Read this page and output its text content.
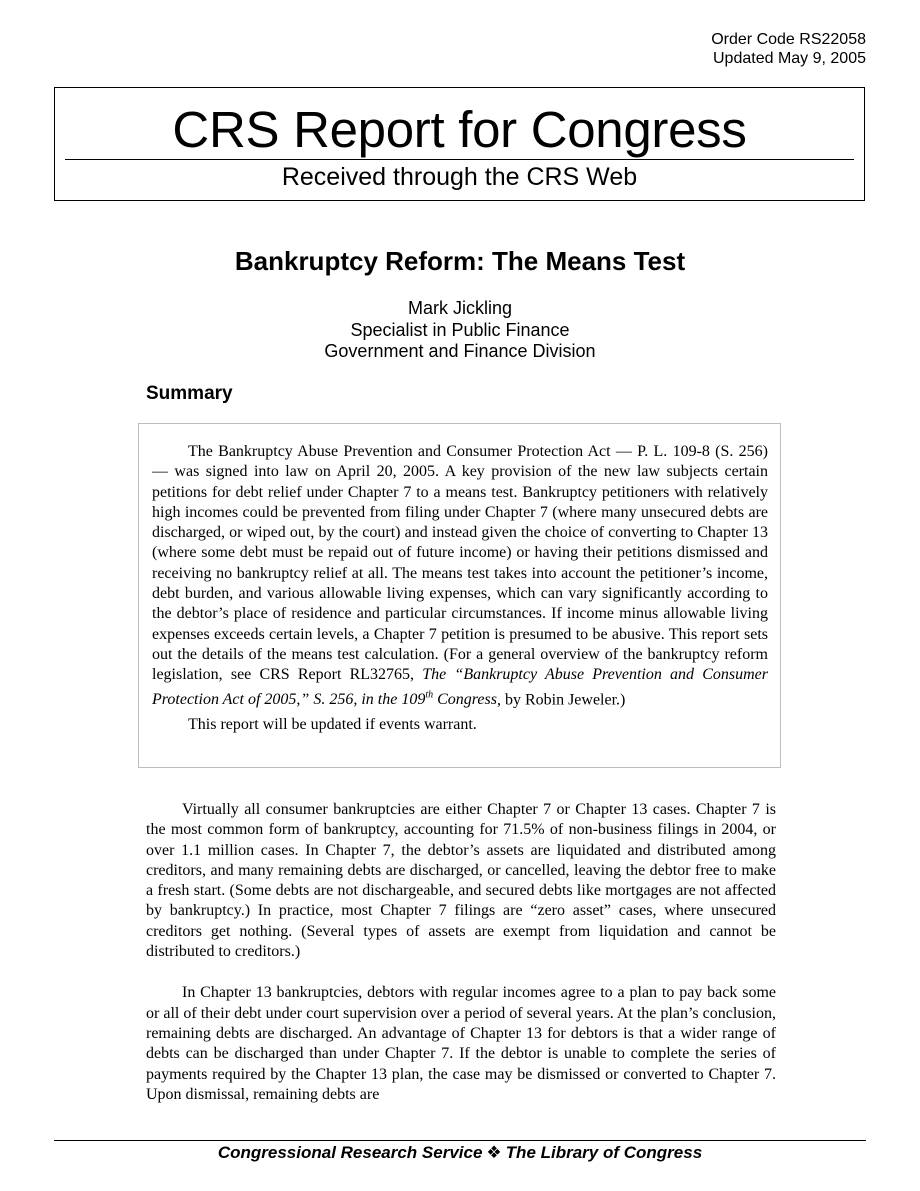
Order Code RS22058
Updated May 9, 2005
CRS Report for Congress
Received through the CRS Web
Bankruptcy Reform: The Means Test
Mark Jickling
Specialist in Public Finance
Government and Finance Division
Summary

The Bankruptcy Abuse Prevention and Consumer Protection Act — P. L. 109-8 (S. 256) — was signed into law on April 20, 2005. A key provision of the new law subjects certain petitions for debt relief under Chapter 7 to a means test. Bankruptcy petitioners with relatively high incomes could be prevented from filing under Chapter 7 (where many unsecured debts are discharged, or wiped out, by the court) and instead given the choice of converting to Chapter 13 (where some debt must be repaid out of future income) or having their petitions dismissed and receiving no bankruptcy relief at all. The means test takes into account the petitioner’s income, debt burden, and various allowable living expenses, which can vary significantly according to the debtor’s place of residence and particular circumstances. If income minus allowable living expenses exceeds certain levels, a Chapter 7 petition is presumed to be abusive. This report sets out the details of the means test calculation. (For a general overview of the bankruptcy reform legislation, see CRS Report RL32765, The “Bankruptcy Abuse Prevention and Consumer Protection Act of 2005,” S. 256, in the 109th Congress, by Robin Jeweler.)

This report will be updated if events warrant.

Virtually all consumer bankruptcies are either Chapter 7 or Chapter 13 cases. Chapter 7 is the most common form of bankruptcy, accounting for 71.5% of non-business filings in 2004, or over 1.1 million cases. In Chapter 7, the debtor’s assets are liquidated and distributed among creditors, and many remaining debts are discharged, or cancelled, leaving the debtor free to make a fresh start. (Some debts are not dischargeable, and secured debts like mortgages are not affected by bankruptcy.) In practice, most Chapter 7 filings are “zero asset” cases, where unsecured creditors get nothing. (Several types of assets are exempt from liquidation and cannot be distributed to creditors.)

In Chapter 13 bankruptcies, debtors with regular incomes agree to a plan to pay back some or all of their debt under court supervision over a period of several years. At the plan’s conclusion, remaining debts are discharged. An advantage of Chapter 13 for debtors is that a wider range of debts can be discharged than under Chapter 7. If the debtor is unable to complete the series of payments required by the Chapter 13 plan, the case may be dismissed or converted to Chapter 7. Upon dismissal, remaining debts are

Congressional Research Service ❖ The Library of Congress
